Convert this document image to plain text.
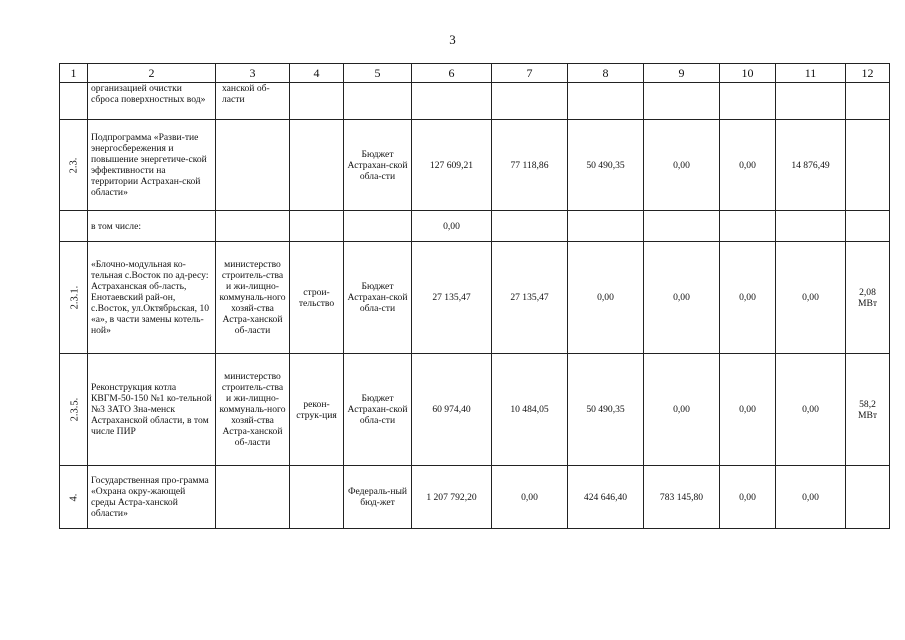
3
1	2	3	4	5	6	7	8	9	10	11	12
	организацией очистки сброса поверхностных вод»	ханской об-ласти									
2.3.	Подпрограмма «Разви-тие энергосбережения и повышение энергетиче-ской эффективности на территории Астрахан-ской области»			Бюджет Астрахан-ской обла-сти	127 609,21	77 118,86	50 490,35	0,00	0,00	14 876,49	
	в том числе:				0,00						
2.3.1.	«Блочно-модульная ко-тельная с.Восток по ад-ресу: Астраханская об-ласть, Енотаевский рай-он, с.Восток, ул.Октябрьская, 10 «а», в части замены котель-ной»	министерство строитель-ства и жи-лищно-коммуналь-ного хозяй-ства Астра-ханской об-ласти	строи-тельство	Бюджет Астрахан-ской обла-сти	27 135,47	27 135,47	0,00	0,00	0,00	0,00	2,08 МВт
2.3.5.	Реконструкция котла КВГМ-50-150 №1 ко-тельной №3 ЗАТО Зна-менск Астраханской области, в том числе ПИР	министерство строитель-ства и жи-лищно-коммуналь-ного хозяй-ства Астра-ханской об-ласти	рекон-струк-ция	Бюджет Астрахан-ской обла-сти	60 974,40	10 484,05	50 490,35	0,00	0,00	0,00	58,2 МВт
4.	Государственная про-грамма «Охрана окру-жающей среды Астра-ханской области»			Федераль-ный бюд-жет	1 207 792,20	0,00	424 646,40	783 145,80	0,00	0,00	
